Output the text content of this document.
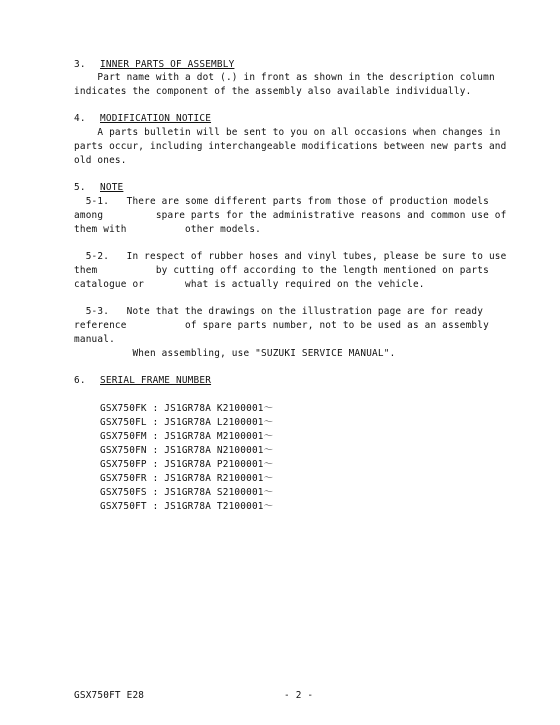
3. INNER PARTS OF ASSEMBLY
Part name with a dot (.) in front as shown in the description column
indicates the component of the assembly also available individually.
4. MODIFICATION NOTICE
A parts bulletin will be sent to you on all occasions when changes in
parts occur, including interchangeable modifications between new parts and
old ones.
5. NOTE
5-1.   There are some different parts from those of production models
among         spare parts for the administrative reasons and common use of
them with          other models.
5-2.   In respect of rubber hoses and vinyl tubes, please be sure to use
them          by cutting off according to the length mentioned on parts
catalogue or       what is actually required on the vehicle.
5-3.   Note that the drawings on the illustration page are for ready
reference          of spare parts number, not to be used as an assembly
manual.
When assembling, use "SUZUKI SERVICE MANUAL".
6. SERIAL FRAME NUMBER
GSX750FK : JS1GR78A K2100001～
GSX750FL : JS1GR78A L2100001～
GSX750FM : JS1GR78A M2100001～
GSX750FN : JS1GR78A N2100001～
GSX750FP : JS1GR78A P2100001～
GSX750FR : JS1GR78A R2100001～
GSX750FS : JS1GR78A S2100001～
GSX750FT : JS1GR78A T2100001～
GSX750FT E28	- 2 -
